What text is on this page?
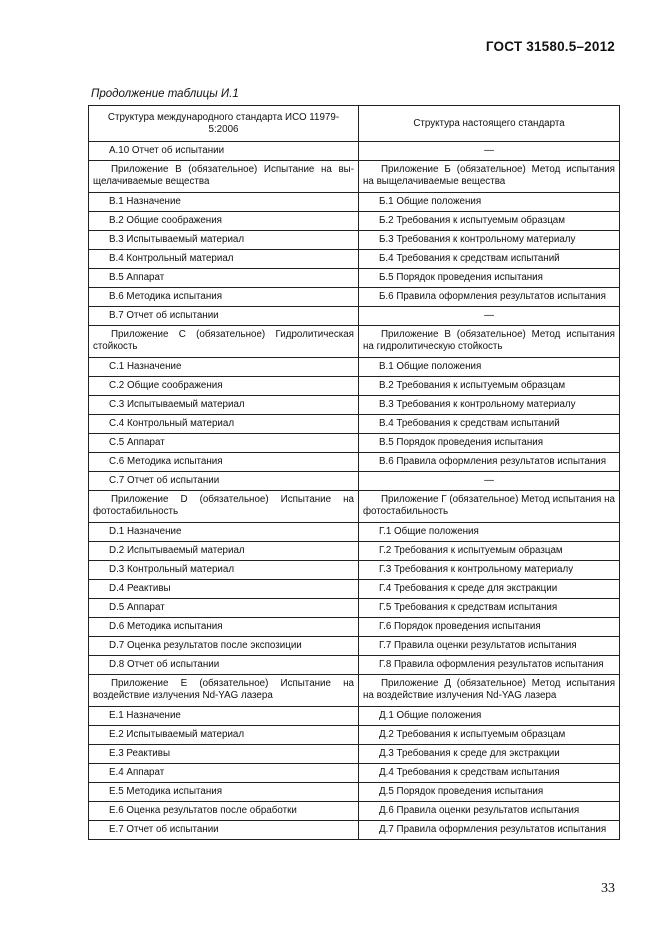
ГОСТ 31580.5–2012
Продолжение таблицы И.1
Структура международного стандарта ИСО 11979-5:2006	Структура настоящего стандарта

А.10 Отчет об испытании	—
Приложение В (обязательное) Испытание на вы-щелачиваемые вещества	Приложение Б (обязательное) Метод испытания на выщелачиваемые вещества

В.1 Назначение	Б.1 Общие положения

В.2 Общие соображения	Б.2 Требования к испытуемым образцам

В.3 Испытываемый материал	Б.3 Требования к контрольному материалу

В.4 Контрольный материал	Б.4 Требования к средствам испытаний

В.5 Аппарат	Б.5 Порядок проведения испытания

В.6 Методика испытания	Б.6 Правила оформления результатов испытания

В.7 Отчет об испытании	—
Приложение С (обязательное) Гидролитическая стойкость	Приложение В (обязательное) Метод испытания на гидролитическую стойкость

С.1 Назначение	В.1 Общие положения

С.2 Общие соображения	В.2 Требования к испытуемым образцам

С.3 Испытываемый материал	В.3 Требования к контрольному материалу

С.4 Контрольный материал	В.4 Требования к средствам испытаний

С.5 Аппарат	В.5 Порядок проведения испытания

С.6 Методика испытания	В.6 Правила оформления результатов испытания

С.7 Отчет об испытании	—
Приложение D (обязательное) Испытание на фотостабильность	Приложение Г (обязательное) Метод испытания на фотостабильность

D.1 Назначение	Г.1 Общие положения

D.2 Испытываемый материал	Г.2 Требования к испытуемым образцам

D.3 Контрольный материал	Г.3 Требования к контрольному материалу

D.4 Реактивы	Г.4 Требования к среде для экстракции

D.5 Аппарат	Г.5 Требования к средствам испытания

D.6 Методика испытания	Г.6 Порядок проведения испытания

D.7 Оценка результатов после экспозиции	Г.7 Правила оценки результатов испытания

D.8 Отчет об испытании	Г.8 Правила оформления результатов испытания

Приложение Е (обязательное) Испытание на воздействие излучения Nd-YAG лазера	Приложение Д (обязательное) Метод испытания на воздействие излучения Nd-YAG лазера

Е.1 Назначение	Д.1 Общие положения

Е.2 Испытываемый материал	Д.2 Требования к испытуемым образцам

Е.3 Реактивы	Д.3 Требования к среде для экстракции

Е.4 Аппарат	Д.4 Требования к средствам испытания

Е.5 Методика испытания	Д.5 Порядок проведения испытания

Е.6 Оценка результатов после обработки	Д.6 Правила оценки результатов испытания

Е.7 Отчет об испытании	Д.7 Правила оформления результатов испытания
33
